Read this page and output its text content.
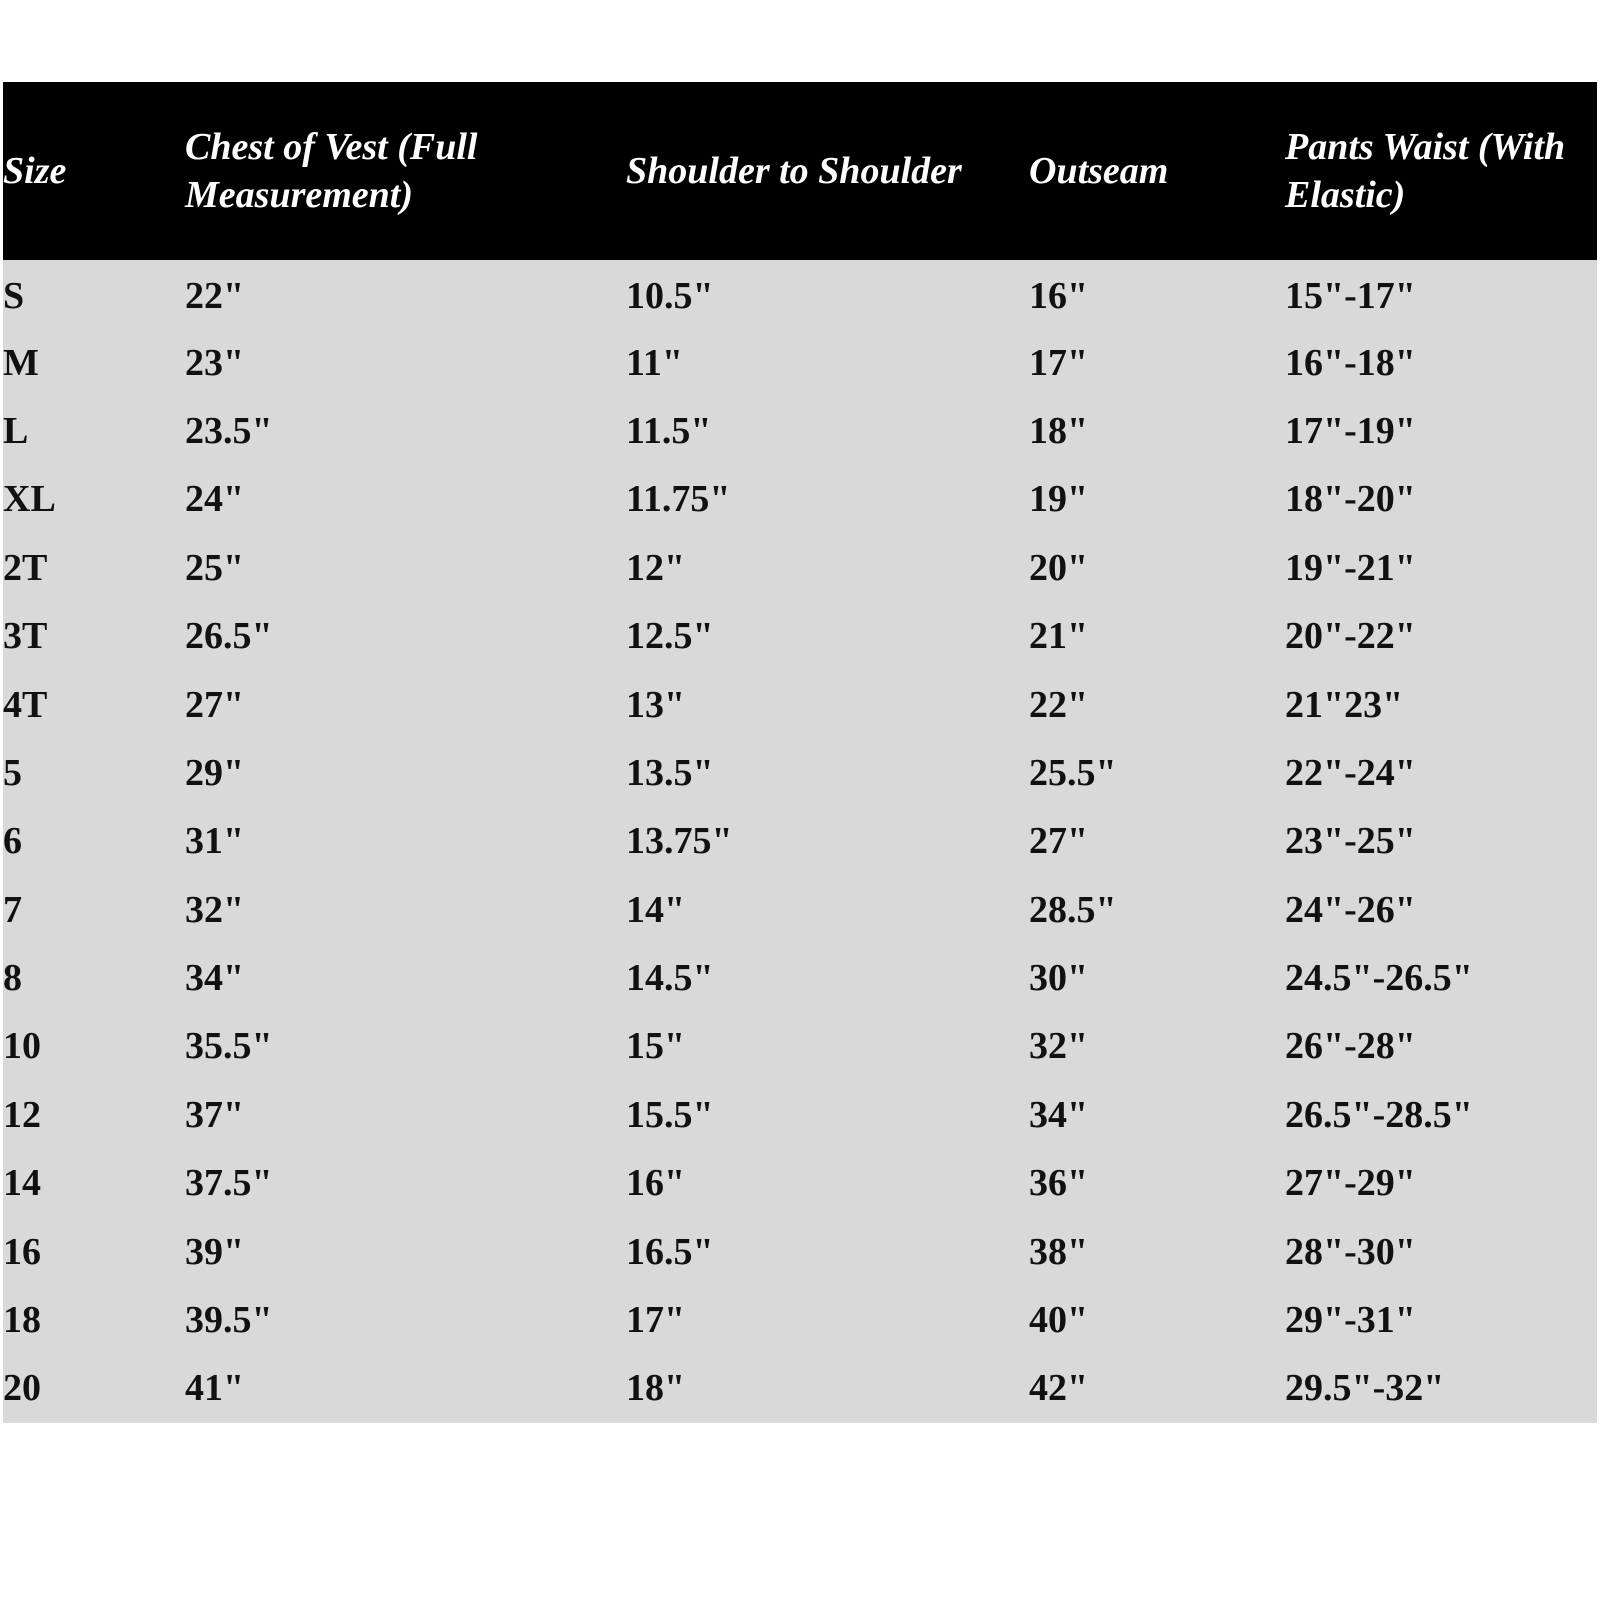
Size	Chest of Vest (Full Measurement)	Shoulder to Shoulder	Outseam	Pants Waist (With Elastic)
S	22"	10.5"	16"	15"-17"
M	23"	11"	17"	16"-18"
L	23.5"	11.5"	18"	17"-19"
XL	24"	11.75"	19"	18"-20"
2T	25"	12"	20"	19"-21"
3T	26.5"	12.5"	21"	20"-22"
4T	27"	13"	22"	21"23"
5	29"	13.5"	25.5"	22"-24"
6	31"	13.75"	27"	23"-25"
7	32"	14"	28.5"	24"-26"
8	34"	14.5"	30"	24.5"-26.5"
10	35.5"	15"	32"	26"-28"
12	37"	15.5"	34"	26.5"-28.5"
14	37.5"	16"	36"	27"-29"
16	39"	16.5"	38"	28"-30"
18	39.5"	17"	40"	29"-31"
20	41"	18"	42"	29.5"-32"
